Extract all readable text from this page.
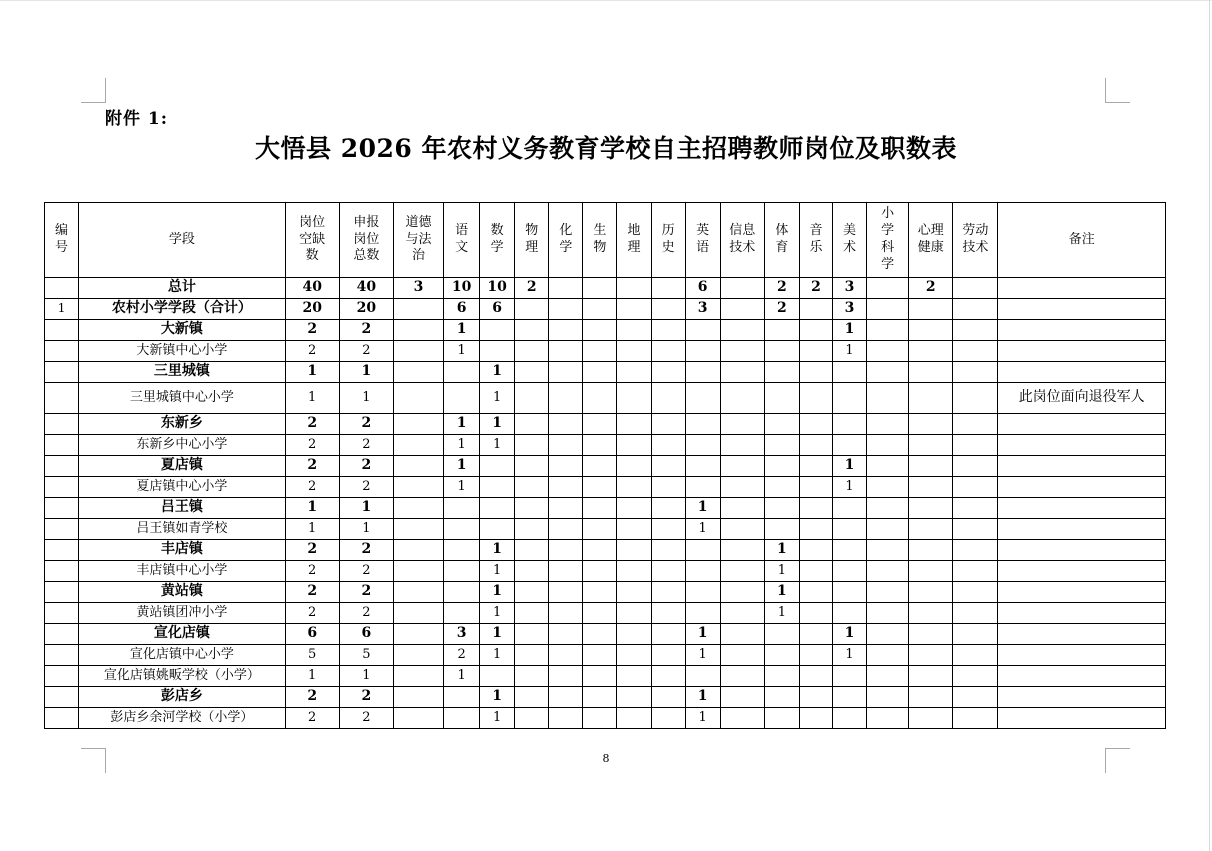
附件 1:
大悟县 2026 年农村义务教育学校自主招聘教师岗位及职数表
编号	学段	岗位空缺数	申报岗位总数	道德与法治	语文	数学	物理	化学	生物	地理	历史	英语	信息技术	体育	音乐	美术	小学科学	心理健康	劳动技术	备注
	总计	40	40	3	10	10	2					6		2	2	3		2		
1	农村小学学段（合计）	20	20		6	6						3		2		3				
	大新镇	2	2		1											1				
	大新镇中心小学	2	2		1											1				
	三里城镇	1	1			1														
	三里城镇中心小学	1	1			1														此岗位面向退役军人
	东新乡	2	2		1	1														
	东新乡中心小学	2	2		1	1														
	夏店镇	2	2		1											1				
	夏店镇中心小学	2	2		1											1				
	吕王镇	1	1									1								
	吕王镇如青学校	1	1									1								
	丰店镇	2	2			1								1						
	丰店镇中心小学	2	2			1								1						
	黄站镇	2	2			1								1						
	黄站镇团冲小学	2	2			1								1						
	宣化店镇	6	6		3	1						1				1				
	宣化店镇中心小学	5	5		2	1						1				1				
	宣化店镇姚畈学校（小学）	1	1		1															
	彭店乡	2	2			1						1								
	彭店乡余河学校（小学）	2	2			1						1								
8
